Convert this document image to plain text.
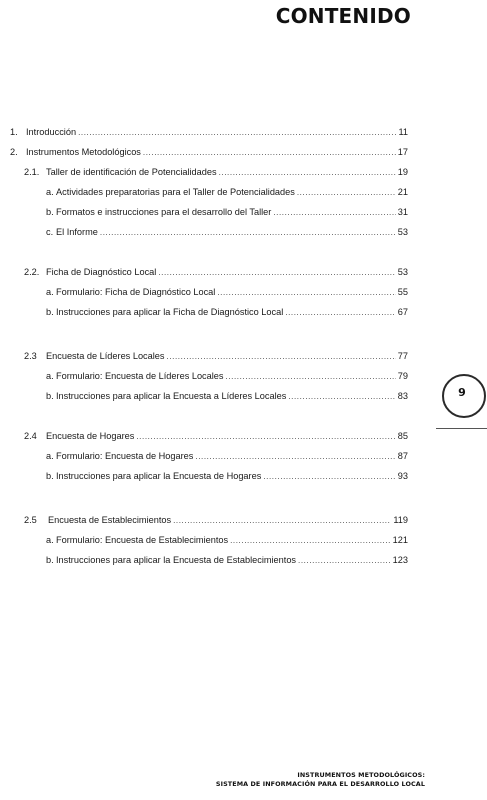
CONTENIDO
1. Introducción .....	11
2. Instrumentos Metodológicos .....	17
2.1. Taller de identificación de Potencialidades .....	19
a. Actividades preparatorias para el Taller de Potencialidades .....	21
b. Formatos e instrucciones para el desarrollo del Taller .....	31
c. El Informe .....	53
2.2. Ficha de Diagnóstico Local .....	53
a. Formulario: Ficha de Diagnóstico Local .....	55
b. Instrucciones para aplicar la Ficha de Diagnóstico Local .....	67
2.3	Encuesta de Líderes Locales .....	77
a. Formulario: Encuesta de Líderes Locales .....	79
b. Instrucciones para aplicar la Encuesta a Líderes Locales .....	83
2.4	Encuesta de Hogares .....	85
a. Formulario: Encuesta de Hogares .....	87
b. Instrucciones para aplicar la Encuesta de Hogares .....	93
2.5	Encuesta de Establecimientos .....	119
a. Formulario: Encuesta de Establecimientos .....	121
b. Instrucciones para aplicar la Encuesta de Establecimientos .....	123
9
INSTRUMENTOS METODOLÓGICOS:
SISTEMA DE INFORMACIÓN PARA EL DESARROLLO LOCAL
